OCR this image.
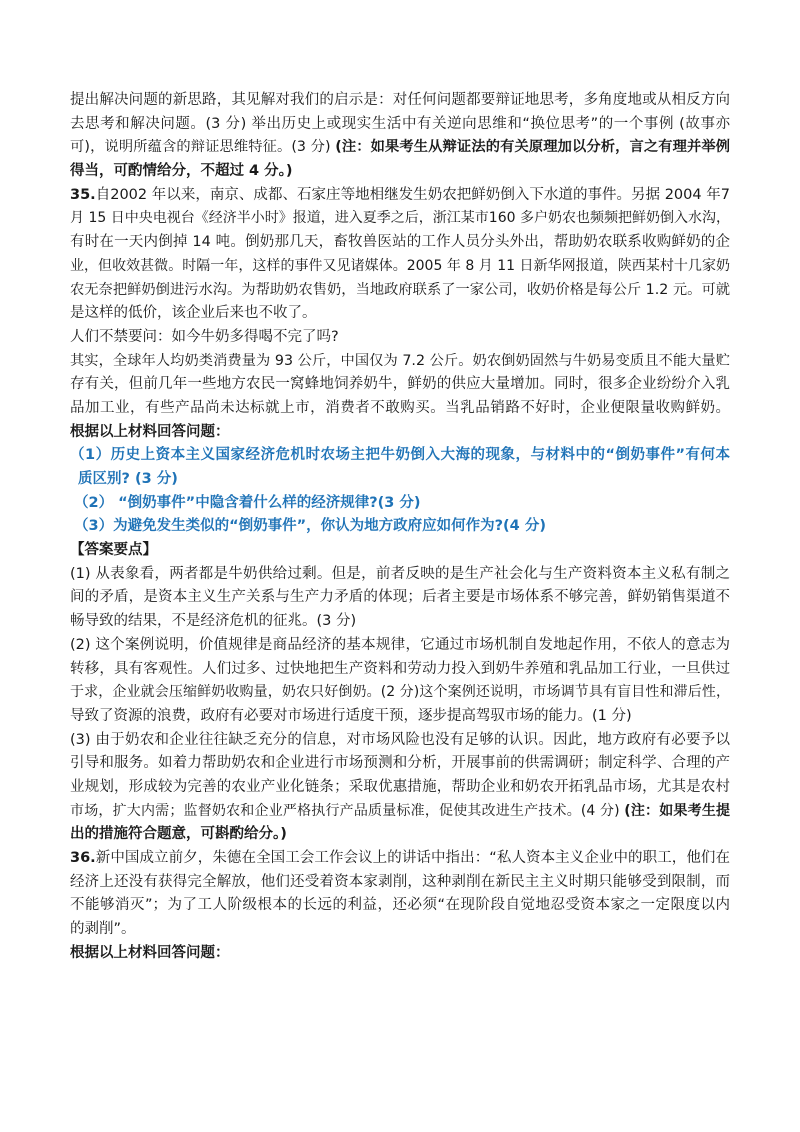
提出解决问题的新思路，其见解对我们的启示是：对任何问题都要辩证地思考，多角度地或从相反方向
去思考和解决问题。(3 分) 举出历史上或现实生活中有关逆向思维和“换位思考”的一个事例 (故事亦
可)，说明所蕴含的辩证思维特征。(3 分) (注：如果考生从辩证法的有关原理加以分析，言之有理并举例
得当，可酌情给分，不超过 4 分。)
35.自2002 年以来，南京、成都、石家庄等地相继发生奶农把鲜奶倒入下水道的事件。另据 2004 年7
月 15 日中央电视台《经济半小时》报道，进入夏季之后，浙江某市160 多户奶农也频频把鲜奶倒入水沟，
有时在一天内倒掉 14 吨。倒奶那几天，畜牧兽医站的工作人员分头外出，帮助奶农联系收购鲜奶的企
业，但收效甚微。时隔一年，这样的事件又见诸媒体。2005 年 8 月 11 日新华网报道，陕西某村十几家奶
农无奈把鲜奶倒进污水沟。为帮助奶农售奶，当地政府联系了一家公司，收奶价格是每公斤 1.2 元。可就
是这样的低价，该企业后来也不收了。
人们不禁要问：如今牛奶多得喝不完了吗?
其实，全球年人均奶类消费量为 93 公斤，中国仅为 7.2 公斤。奶农倒奶固然与牛奶易变质且不能大量贮
存有关，但前几年一些地方农民一窝蜂地饲养奶牛，鲜奶的供应大量增加。同时，很多企业纷纷介入乳
品加工业，有些产品尚未达标就上市，消费者不敢购买。当乳品销路不好时，企业便限量收购鲜奶。
根据以上材料回答问题：
（1）历史上资本主义国家经济危机时农场主把牛奶倒入大海的现象，与材料中的“倒奶事件”有何本
质区别? (3 分)
（2） “倒奶事件”中隐含着什么样的经济规律?(3 分)
（3）为避免发生类似的“倒奶事件”，你认为地方政府应如何作为?(4 分)
【答案要点】
(1) 从表象看，两者都是牛奶供给过剩。但是，前者反映的是生产社会化与生产资料资本主义私有制之
间的矛盾，是资本主义生产关系与生产力矛盾的体现；后者主要是市场体系不够完善，鲜奶销售渠道不
畅导致的结果，不是经济危机的征兆。(3 分)
(2) 这个案例说明，价值规律是商品经济的基本规律，它通过市场机制自发地起作用，不依人的意志为
转移，具有客观性。人们过多、过快地把生产资料和劳动力投入到奶牛养殖和乳品加工行业，一旦供过
于求，企业就会压缩鲜奶收购量，奶农只好倒奶。(2 分)这个案例还说明，市场调节具有盲目性和滞后性，
导致了资源的浪费，政府有必要对市场进行适度干预，逐步提高驾驭市场的能力。(1 分)
(3) 由于奶农和企业往往缺乏充分的信息，对市场风险也没有足够的认识。因此，地方政府有必要予以
引导和服务。如着力帮助奶农和企业进行市场预测和分析，开展事前的供需调研；制定科学、合理的产
业规划，形成较为完善的农业产业化链条；采取优惠措施，帮助企业和奶农开拓乳品市场，尤其是农村
市场，扩大内需；监督奶农和企业严格执行产品质量标准，促使其改进生产技术。(4 分) (注：如果考生提
出的措施符合题意，可斟酌给分。)
36.新中国成立前夕，朱德在全国工会工作会议上的讲话中指出：“私人资本主义企业中的职工，他们在
经济上还没有获得完全解放，他们还受着资本家剥削，这种剥削在新民主主义时期只能够受到限制，而
不能够消灭”；为了工人阶级根本的长远的利益，还必须“在现阶段自觉地忍受资本家之一定限度以内
的剥削”。
根据以上材料回答问题：
